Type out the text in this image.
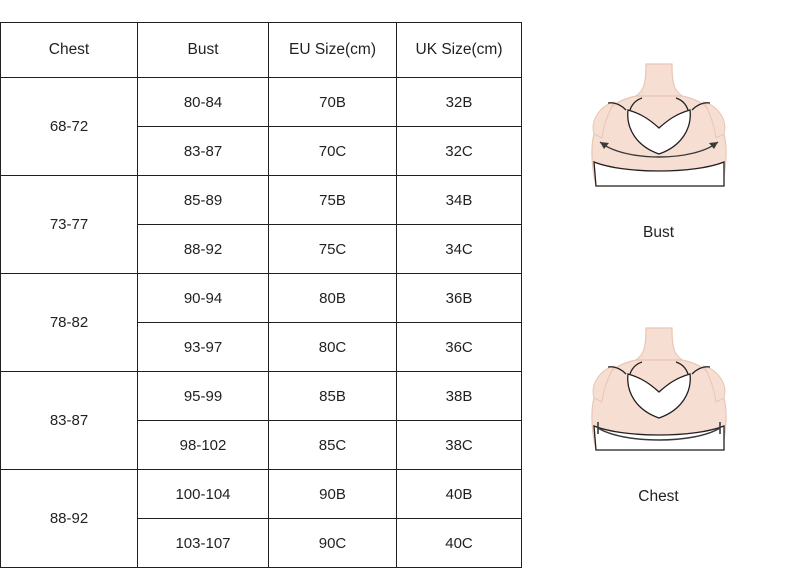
Chest	Bust	EU Size(cm)	UK Size(cm)
68-72	80-84	70B	32B
	83-87	70C	32C
73-77	85-89	75B	34B
	88-92	75C	34C
78-82	90-94	80B	36B
	93-97	80C	36C
83-87	95-99	85B	38B
	98-102	85C	38C
88-92	100-104	90B	40B
	103-107	90C	40C
Bust
Chest
